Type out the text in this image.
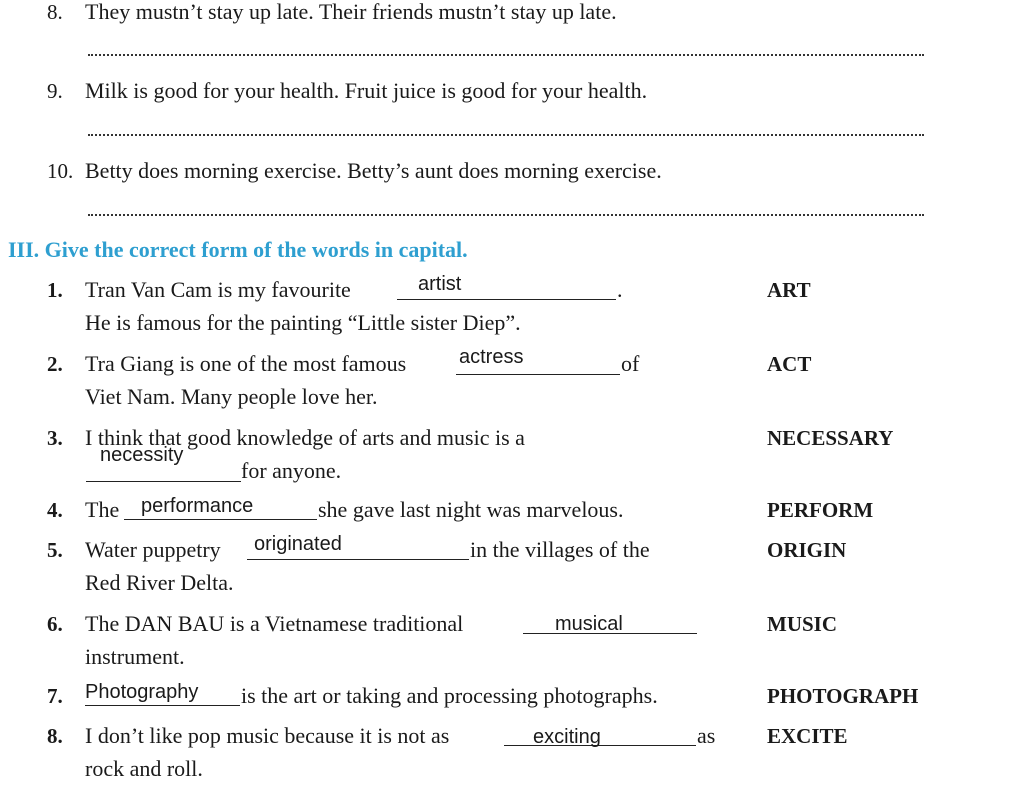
8. They mustn’t stay up late. Their friends mustn’t stay up late.
9. Milk is good for your health. Fruit juice is good for your health.
10. Betty does morning exercise. Betty’s aunt does morning exercise.
III. Give the correct form of the words in capital.
1. Tran Van Cam is my favourite	artist	.
He is famous for the painting “Little sister Diep”.
ART
2. Tra Giang is one of the most famous	actress	of
Viet Nam. Many people love her.
ACT
3. I think that good knowledge of arts and music is a
necessity
for anyone.
NECESSARY
4. The performance	she gave last night was marvelous.	PERFORM
5. Water puppetry originated	in the villages of the
Red River Delta.
ORIGIN
6. The DAN BAU is a Vietnamese traditional	musical
instrument.
MUSIC
7. Photography is the art or taking and processing photographs.	PHOTOGRAPH
8. I don’t like pop music because it is not as	exciting	as
rock and roll.
EXCITE
